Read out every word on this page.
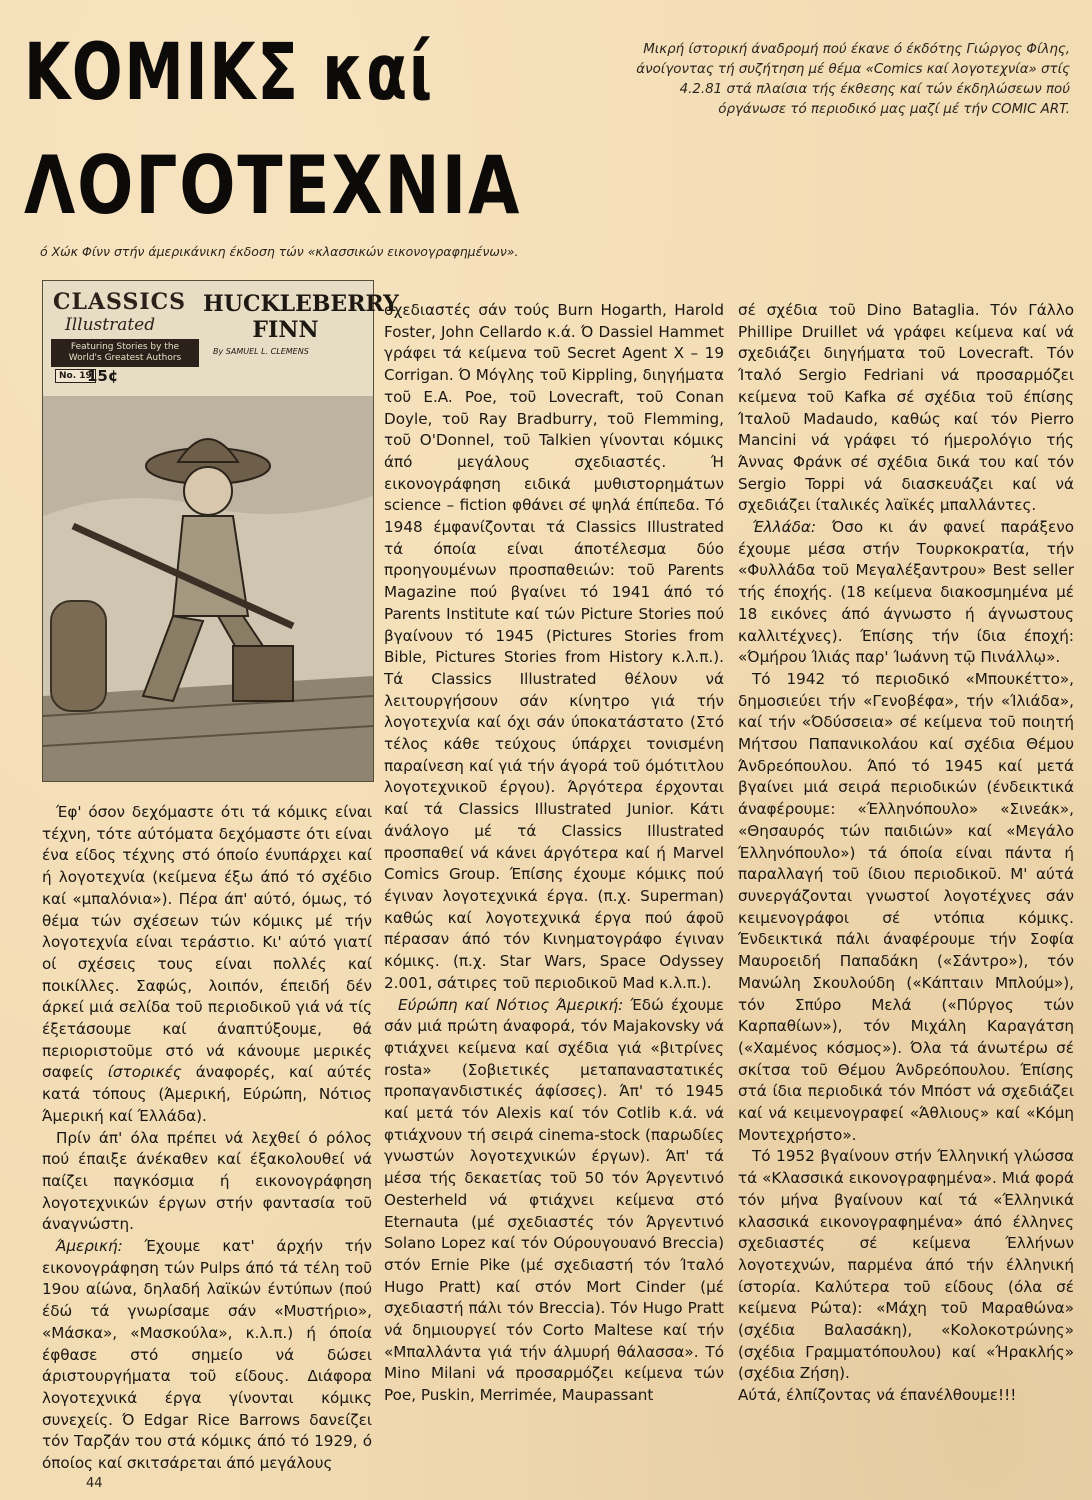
ΚΟΜΙΚΣ καί
ΛΟΓΟΤΕΧΝΙΑ
Μικρή ίστορική άναδρομή πού έκανε ό έκδότης Γιώργος Φίλης, άνοίγοντας τή συζήτηση μέ θέμα «Comics καί λογοτεχνία» στίς 4.2.81 στά πλαίσια τής έκθεσης καί τών έκδηλώσεων πού όργάνωσε τό περιοδικό μας μαζί μέ τήν COMIC ART.
ό Χώκ Φίνν στήν άμερικάνικη έκδοση τών «κλασσικών εικονογραφημένων».
CLASSICS
Illustrated
Featuring Stories by the World's Greatest Authors
No. 19
15¢
HUCKLEBERRY FINN
By SAMUEL L. CLEMENS

Έφ' όσον δεχόμαστε ότι τά κόμικς είναι τέχνη, τότε αύτόματα δεχόμαστε ότι είναι ένα είδος τέχνης στό όποίο ένυπάρχει καί ή λογοτεχνία (κείμενα έξω άπό τό σχέδιο καί «μπαλόνια»). Πέρα άπ' αύτό, όμως, τό θέμα τών σχέσεων τών κόμικς μέ τήν λογοτεχνία είναι τεράστιο. Κι' αύτό γιατί οί σχέσεις τους είναι πολλές καί ποικίλλες. Σαφώς, λοιπόν, έπειδή δέν άρκεί μιά σελίδα τοῦ περιοδικοῦ γιά νά τίς έξετάσουμε καί άναπτύξουμε, θά περιοριστοῦμε στό νά κάνουμε μερικές σαφείς ίστορικές άναφορές, καί αύτές κατά τόπους (Άμερική, Εύρώπη, Νότιος Άμερική καί Έλλάδα).

Πρίν άπ' όλα πρέπει νά λεχθεί ό ρόλος πού έπαιξε άνέκαθεν καί έξακολουθεί νά παίζει παγκόσμια ή εικονογράφηση λογοτεχνικών έργων στήν φαντασία τοῦ άναγνώστη.

Άμερική: Έχουμε κατ' άρχήν τήν εικονογράφηση τών Pulps άπό τά τέλη τοῦ 19ου αίώνα, δηλαδή λαϊκών έντύπων (πού έδώ τά γνωρίσαμε σάν «Μυστήριο», «Μάσκα», «Μασκούλα», κ.λ.π.) ή όποία έφθασε στό σημείο νά δώσει άριστουργήματα τοῦ είδους. Διάφορα λογοτεχνικά έργα γίνονται κόμικς συνεχείς. Ό Edgar Rice Barrows δανείζει τόν Ταρζάν του στά κόμικς άπό τό 1929, ό όποίος καί σκιτσάρεται άπό μεγάλους

σχεδιαστές σάν τούς Burn Hogarth, Harold Foster, John Cellardo κ.ά. Ό Dassiel Hammet γράφει τά κείμενα τοῦ Secret Agent X – 19 Corrigan. Ό Μόγλης τοῦ Kippling, διηγήματα τοῦ E.A. Poe, τοῦ Lovecraft, τοῦ Conan Doyle, τοῦ Ray Bradburry, τοῦ Flemming, τοῦ O'Donnel, τοῦ Talkien γίνονται κόμικς άπό μεγάλους σχεδιαστές. Ή εικονογράφηση ειδικά μυθιστορημάτων science – fiction φθάνει σέ ψηλά έπίπεδα. Τό 1948 έμφανίζονται τά Classics Illustrated τά όποία είναι άποτέλεσμα δύο προηγουμένων προσπαθειών: τοῦ Parents Magazine πού βγαίνει τό 1941 άπό τό Parents Institute καί τών Picture Stories πού βγαίνουν τό 1945 (Pictures Stories from Bible, Pictures Stories from History κ.λ.π.). Τά Classics Illustrated θέλουν νά λειτουργήσουν σάν κίνητρο γιά τήν λογοτεχνία καί όχι σάν ύποκατάστατο (Στό τέλος κάθε τεύχους ύπάρχει τονισμένη παραίνεση καί γιά τήν άγορά τοῦ όμότιτλου λογοτεχνικοῦ έργου). Άργότερα έρχονται καί τά Classics Illustrated Junior. Κάτι άνάλογο μέ τά Classics Illustrated προσπαθεί νά κάνει άργότερα καί ή Marvel Comics Group. Έπίσης έχουμε κόμικς πού έγιναν λογοτεχνικά έργα. (π.χ. Superman) καθώς καί λογοτεχνικά έργα πού άφοῦ πέρασαν άπό τόν Κινηματογράφο έγιναν κόμικς. (π.χ. Star Wars, Space Odyssey 2.001, σάτιρες τοῦ περιοδικοῦ Mad κ.λ.π.).

Εύρώπη καί Νότιος Άμερική: Έδώ έχουμε σάν μιά πρώτη άναφορά, τόν Majakovsky νά φτιάχνει κείμενα καί σχέδια γιά «βιτρίνες rosta» (Σοβιετικές μεταπαναστατικές προπαγανδιστικές άφίσσες). Άπ' τό 1945 καί μετά τόν Alexis καί τόν Cotlib κ.ά. νά φτιάχνουν τή σειρά cinema-stock (παρωδίες γνωστών λογοτεχνικών έργων). Άπ' τά μέσα τής δεκαετίας τοῦ 50 τόν Άργεντινό Oesterheld νά φτιάχνει κείμενα στό Eternauta (μέ σχεδιαστές τόν Άργεντινό Solano Lopez καί τόν Ούρουγουανό Breccia) στόν Ernie Pike (μέ σχεδιαστή τόν Ίταλό Hugo Pratt) καί στόν Mort Cinder (μέ σχεδιαστή πάλι τόν Breccia). Τόν Hugo Pratt νά δημιουργεί τόν Corto Maltese καί τήν «Μπαλλάντα γιά τήν άλμυρή θάλασσα». Τό Mino Milani νά προσαρμόζει κείμενα τών Poe, Puskin, Merrimée, Maupassant

σέ σχέδια τοῦ Dino Bataglia. Τόν Γάλλο Phillipe Druillet νά γράφει κείμενα καί νά σχεδιάζει διηγήματα τοῦ Lovecraft. Τόν Ίταλό Sergio Fedriani νά προσαρμόζει κείμενα τοῦ Kafka σέ σχέδια τοῦ έπίσης Ίταλοῦ Madaudo, καθώς καί τόν Pierro Mancini νά γράφει τό ήμερολόγιο τής Άννας Φράνκ σέ σχέδια δικά του καί τόν Sergio Toppi νά διασκευάζει καί νά σχεδιάζει ίταλικές λαϊκές μπαλλάντες.

Έλλάδα: Όσο κι άν φανεί παράξενο έχουμε μέσα στήν Τουρκοκρατία, τήν «Φυλλάδα τοῦ Μεγαλέξαντρου» Best seller τής έποχής. (18 κείμενα διακοσμημένα μέ 18 εικόνες άπό άγνωστο ή άγνωστους καλλιτέχνες). Έπίσης τήν ίδια έποχή: «Όμήρου Ίλιάς παρ' Ίωάννη τῷ Πινάλλῳ».

Τό 1942 τό περιοδικό «Μπουκέττο», δημοσιεύει τήν «Γενοβέφα», τήν «Ίλιάδα», καί τήν «Όδύσσεια» σέ κείμενα τοῦ ποιητή Μήτσου Παπανικολάου καί σχέδια Θέμου Άνδρεόπουλου. Άπό τό 1945 καί μετά βγαίνει μιά σειρά περιοδικών (ένδεικτικά άναφέρουμε: «Έλληνόπουλο» «Σινεάκ», «Θησαυρός τών παιδιών» καί «Μεγάλο Έλληνόπουλο») τά όποία είναι πάντα ή παραλλαγή τοῦ ίδιου περιοδικοῦ. Μ' αύτά συνεργάζονται γνωστοί λογοτέχνες σάν κειμενογράφοι σέ ντόπια κόμικς. Ένδεικτικά πάλι άναφέρουμε τήν Σοφία Μαυροειδή Παπαδάκη («Σάντρο»), τόν Μανώλη Σκουλούδη («Κάπταιν Μπλούμ»), τόν Σπύρο Μελά («Πύργος τών Καρπαθίων»), τόν Μιχάλη Καραγάτση («Χαμένος κόσμος»). Όλα τά άνωτέρω σέ σκίτσα τοῦ Θέμου Άνδρεόπουλου. Έπίσης στά ίδια περιοδικά τόν Μπόστ νά σχεδιάζει καί νά κειμενογραφεί «Άθλιους» καί «Κόμη Μοντεχρήστο».

Τό 1952 βγαίνουν στήν Έλληνική γλώσσα τά «Κλασσικά εικονογραφημένα». Μιά φορά τόν μήνα βγαίνουν καί τά «Έλληνικά κλασσικά εικονογραφημένα» άπό έλληνες σχεδιαστές σέ κείμενα Έλλήνων λογοτεχνών, παρμένα άπό τήν έλληνική ίστορία. Καλύτερα τοῦ είδους (όλα σέ κείμενα Ρώτα): «Μάχη τοῦ Μαραθώνα» (σχέδια Βαλασάκη), «Κολοκοτρώνης» (σχέδια Γραμματόπουλου) καί «Ήρακλής» (σχέδια Ζήση).

Αύτά, έλπίζοντας νά έπανέλθουμε!!!

44
